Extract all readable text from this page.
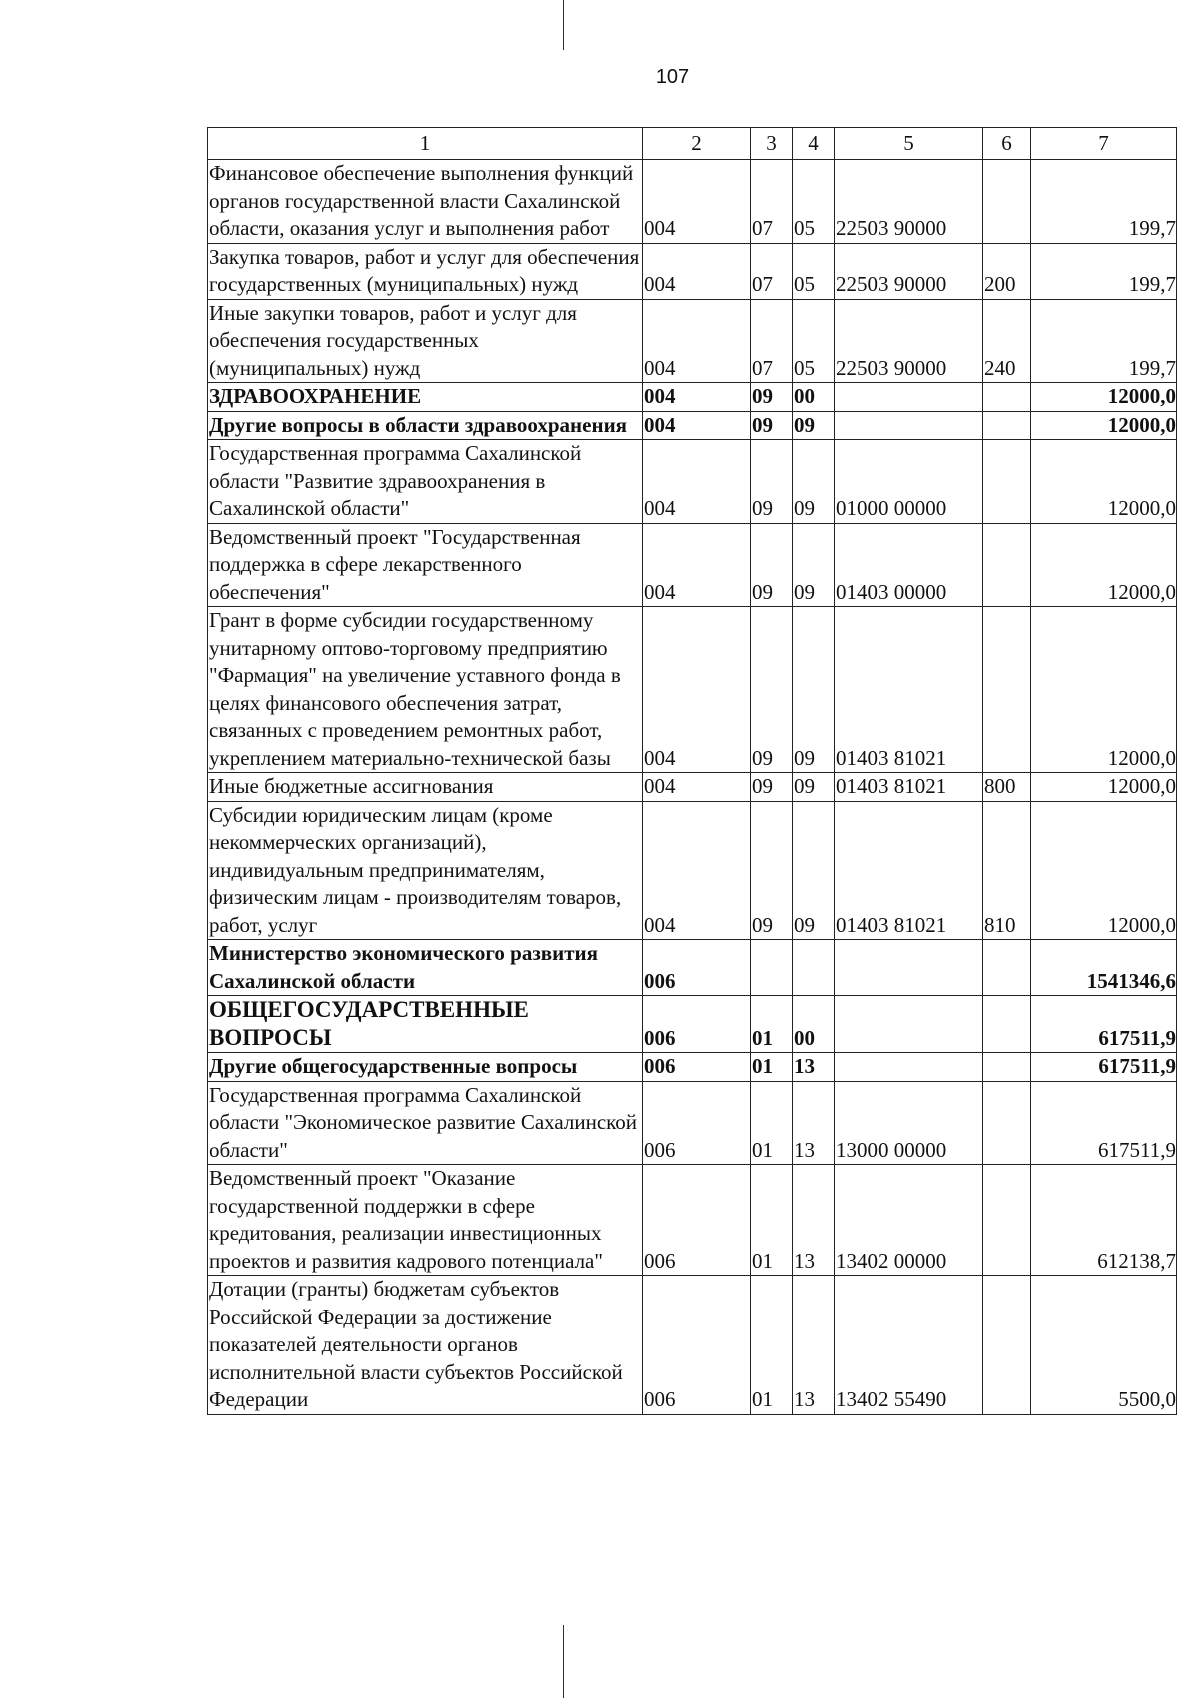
107
1	2	3	4	5	6	7
Финансовое обеспечение выполнения функций органов государственной власти Сахалинской области, оказания услуг и выполнения работ	004	07	05	22503 90000		199,7
Закупка товаров, работ и услуг для обеспечения государственных (муниципальных) нужд	004	07	05	22503 90000	200	199,7
Иные закупки товаров, работ и услуг для обеспечения государственных (муниципальных) нужд	004	07	05	22503 90000	240	199,7
ЗДРАВООХРАНЕНИЕ	004	09	00			12000,0
Другие вопросы в области здравоохранения	004	09	09			12000,0
Государственная программа Сахалинской области "Развитие здравоохранения в Сахалинской области"	004	09	09	01000 00000		12000,0
Ведомственный проект "Государственная поддержка в сфере лекарственного обеспечения"	004	09	09	01403 00000		12000,0
Грант в форме субсидии государственному унитарному оптово-торговому предприятию "Фармация" на увеличение уставного фонда в целях финансового обеспечения затрат, связанных с проведением ремонтных работ, укреплением материально-технической базы	004	09	09	01403 81021		12000,0
Иные бюджетные ассигнования	004	09	09	01403 81021	800	12000,0
Субсидии юридическим лицам (кроме некоммерческих организаций), индивидуальным предпринимателям, физическим лицам - производителям товаров, работ, услуг	004	09	09	01403 81021	810	12000,0
Министерство экономического развития Сахалинской области	006					1541346,6
ОБЩЕГОСУДАРСТВЕННЫЕ ВОПРОСЫ	006	01	00			617511,9
Другие общегосударственные вопросы	006	01	13			617511,9
Государственная программа Сахалинской области "Экономическое развитие Сахалинской области"	006	01	13	13000 00000		617511,9
Ведомственный проект "Оказание государственной поддержки в сфере кредитования, реализации инвестиционных проектов и развития кадрового потенциала"	006	01	13	13402 00000		612138,7
Дотации (гранты) бюджетам субъектов Российской Федерации за достижение показателей деятельности органов исполнительной власти субъектов Российской Федерации	006	01	13	13402 55490		5500,0
